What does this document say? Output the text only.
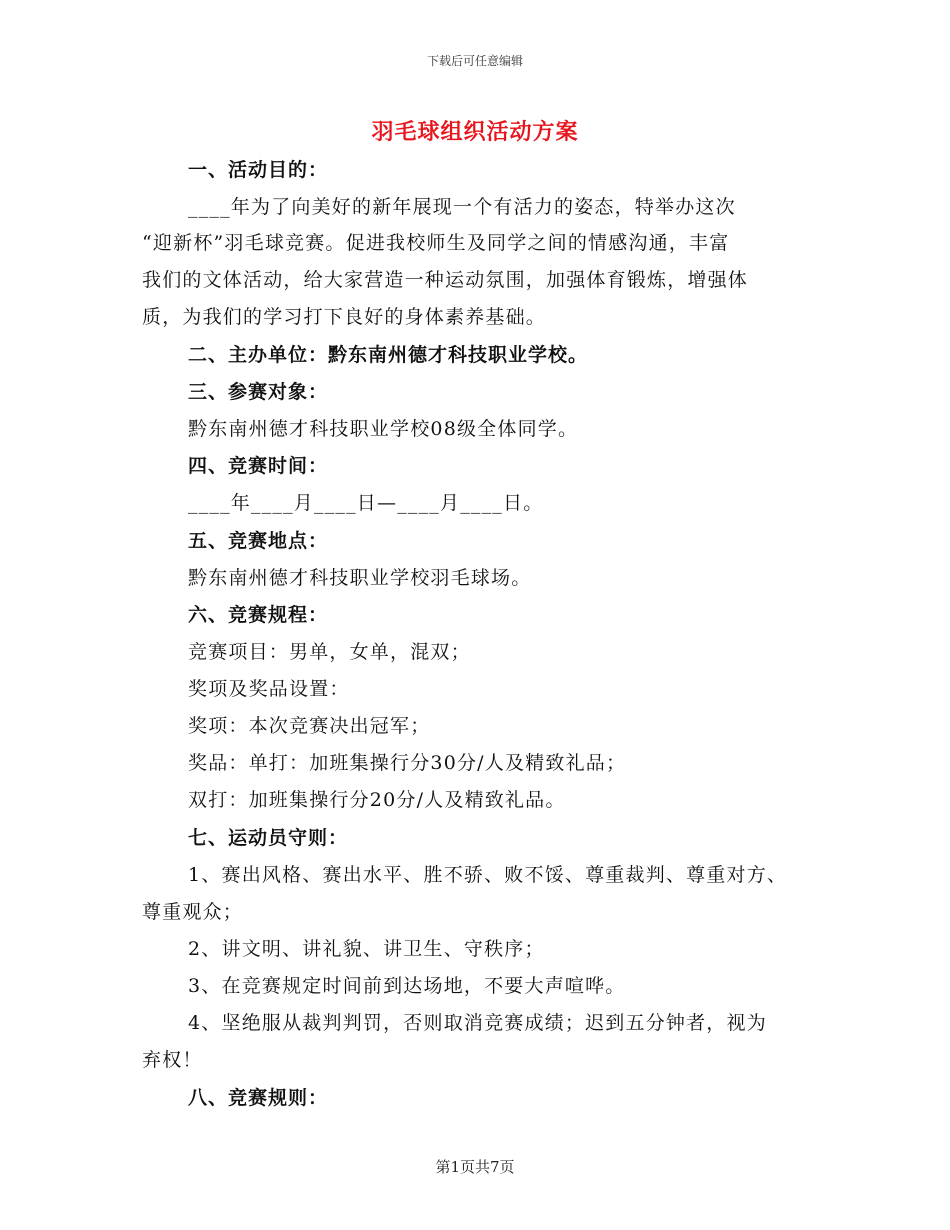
下载后可任意编辑
羽毛球组织活动方案
一、活动目的：
____年为了向美好的新年展现一个有活力的姿态，特举办这次
“迎新杯”羽毛球竞赛。促进我校师生及同学之间的情感沟通，丰富
我们的文体活动，给大家营造一种运动氛围，加强体育锻炼，增强体
质，为我们的学习打下良好的身体素养基础。
二、主办单位：黔东南州德才科技职业学校。
三、参赛对象：
黔东南州德才科技职业学校08级全体同学。
四、竞赛时间：
____年____月____日—____月____日。
五、竞赛地点：
黔东南州德才科技职业学校羽毛球场。
六、竞赛规程：
竞赛项目：男单，女单，混双；
奖项及奖品设置：
奖项：本次竞赛决出冠军；
奖品：单打：加班集操行分30分/人及精致礼品；
双打：加班集操行分20分/人及精致礼品。
七、运动员守则：
1、赛出风格、赛出水平、胜不骄、败不馁、尊重裁判、尊重对方、
尊重观众；
2、讲文明、讲礼貌、讲卫生、守秩序；
3、在竞赛规定时间前到达场地，不要大声喧哗。
4、坚绝服从裁判判罚，否则取消竞赛成绩；迟到五分钟者，视为
弃权！
八、竞赛规则：
第1页共7页
